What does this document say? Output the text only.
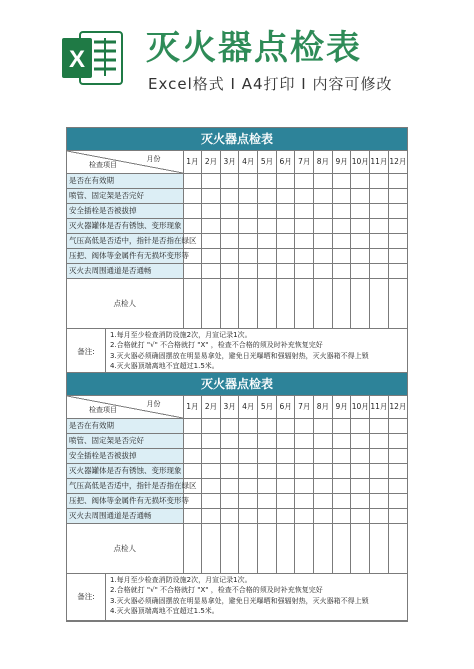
X 灭火器点检表
Excel格式 I A4打印 I 内容可修改
灭火器点检表
检查项目
月份	1月	2月	3月	4月	5月	6月	7月	8月	9月	10月	11月	12月
是否在有效期												
喷管、固定架是否完好												
安全插栓是否被拔掉												
灭火器罐体是否有锈蚀、变形现象												
气压高低是否适中，指针是否指在绿区												
压把、阀体等金属件有无损坏变形等												
灭火去周围通道是否通畅												
点检人												

备注:	
1.每月至少检查消防设施2次，月宣记录1次。
2.合格就打 "√" 不合格就打 "X" ，检查不合格的须及时补充恢复完好
3.灭火器必须确固摆放在明显易拿处，避免日光曝晒和强辐射热，灭火器箱不得上锁
4.灭火器顶端离地不宜超过1.5米。
灭火器点检表
检查项目
月份	1月	2月	3月	4月	5月	6月	7月	8月	9月	10月	11月	12月
是否在有效期												
喷管、固定架是否完好												
安全插栓是否被拔掉												
灭火器罐体是否有锈蚀、变形现象												
气压高低是否适中，指针是否指在绿区												
压把、阀体等金属件有无损坏变形等												
灭火去周围通道是否通畅												
点检人												

备注:	
1.每月至少检查消防设施2次，月宣记录1次。
2.合格就打 "√" 不合格就打 "X" ，检查不合格的须及时补充恢复完好
3.灭火器必须确固摆放在明显易拿处，避免日光曝晒和强辐射热，灭火器箱不得上锁
4.灭火器顶端离地不宜超过1.5米。
